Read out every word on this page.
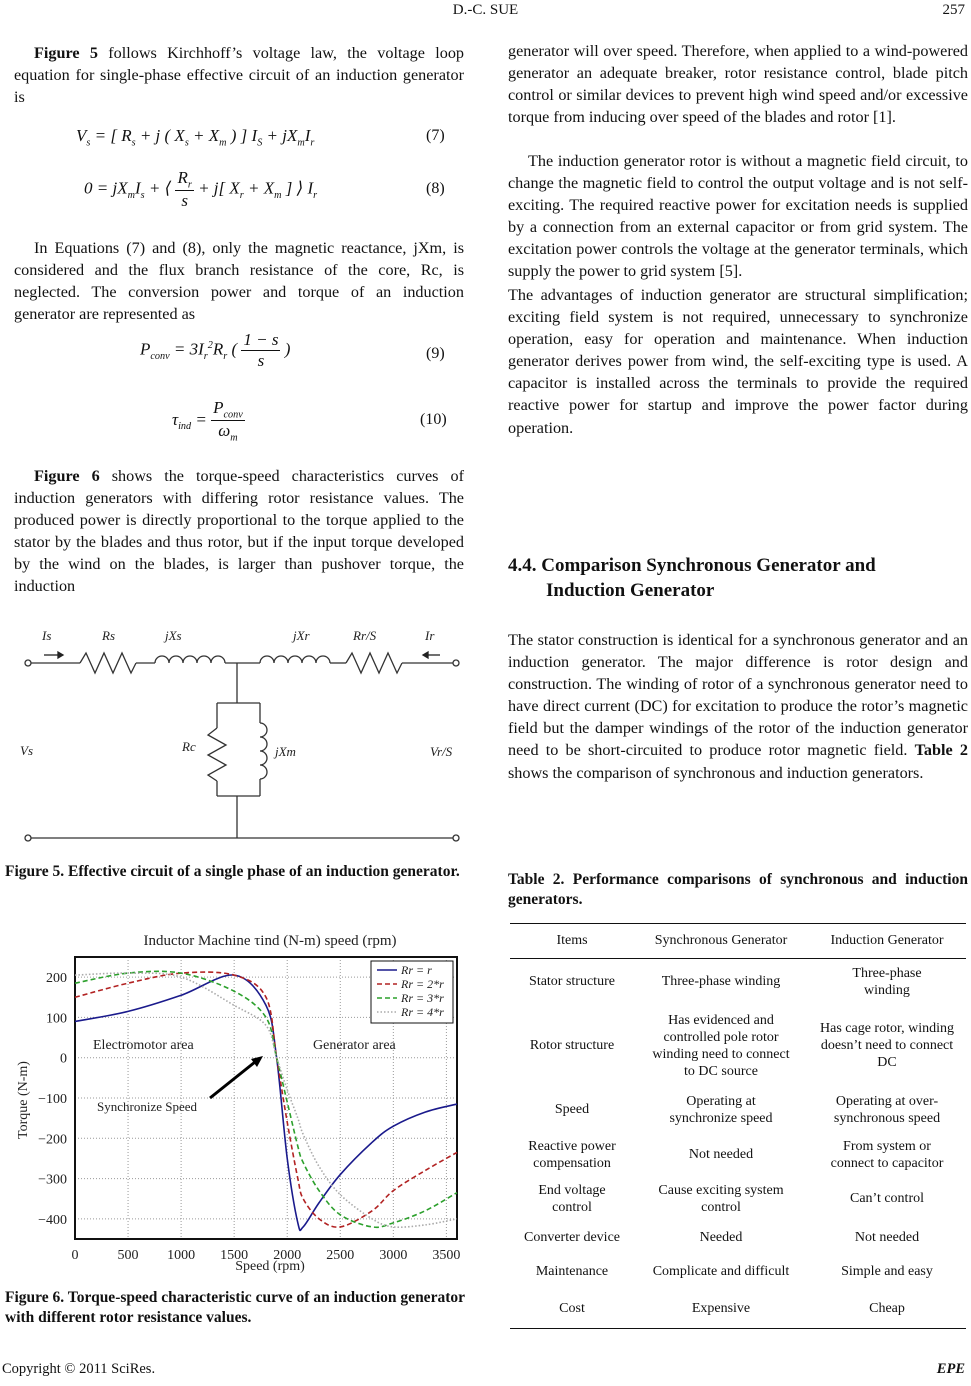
D.-C. SUE	257
Figure 5 follows Kirchhoff’s voltage law, the voltage loop equation for single-phase effective circuit of an induction generator is
$V_s$ = [ $R_s + j$ ( $X_s + X_m$ ) ] $I_S + jX_mI_r$	(7)
$0 = jX_mI_s$ + ⟨ $\frac{R_r}{s} + j$[ $X_r + X_m$ ] ⟩ $I_r$	(8)
In Equations (7) and (8), only the magnetic reactance, jXm, is considered and the flux branch resistance of the core, Rc, is neglected. The conversion power and torque of an induction generator are represented as
$P_{conv} = 3I_r^2R_r$ ( $\frac{1 - s}{s}$ )	(9)
$\tau_{ind} = \frac{P_{conv}}{\omega_m}$	(10)
Figure 6 shows the torque-speed characteristics curves of induction generators with differing rotor resistance values. The produced power is directly proportional to the torque applied to the stator by the blades and thus rotor, but if the input torque developed by the wind on the blades, is larger than pushover torque, the induction
Is	Rs	jXs	jXr	Rr/S	Ir
Vs	Rc	jXm	Vr/S
Figure 5. Effective circuit of a single phase of an induction generator.
Inductor Machine τind (N-m) speed (rpm)
0	500 1000 1500 2000 2500 3000 3500
200
100
0
−100
−200
−300
−400
Torque (N-m)
Speed (rpm)
Electromotor area	Generator area
Synchronize Speed
Rr = r
Rr = 2*r
Rr = 3*r
Rr = 4*r
Figure 6. Torque-speed characteristic curve of an induction generator with different rotor resistance values.
generator will over speed. Therefore, when applied to a wind-powered generator an adequate breaker, rotor resistance control, blade pitch control or similar devices to prevent high wind speed and/or excessive torque from inducing over speed of the blades and rotor [1].
The induction generator rotor is without a magnetic field circuit, to change the magnetic field to control the output voltage and is not self-exciting. The required reactive power for excitation needs is supplied by a connection from an external capacitor or from grid system. The excitation power controls the voltage at the generator terminals, which supply the power to grid system [5].
The advantages of induction generator are structural simplification; exciting field system is not required, unnecessary to synchronize operation, easy for operation and maintenance. When induction generator derives power from wind, the self-exciting type is used. A capacitor is installed across the terminals to provide the required reactive power for startup and improve the power factor during operation.
4.4. Comparison Synchronous Generator and
Induction Generator
The stator construction is identical for a synchronous generator and an induction generator. The major difference is rotor design and construction. The winding of rotor of a synchronous generator need to have direct current (DC) for excitation to produce the rotor’s magnetic field but the damper windings of the rotor of the induction generator need to be short-circuited to produce rotor magnetic field. Table 2 shows the comparison of synchronous and induction generators.
Table 2. Performance comparisons of synchronous and induction generators.
Items	Synchronous Generator	Induction Generator
Stator structure	Three-phase winding	Three-phase winding
Rotor structure	Has evidenced and controlled pole rotor winding need to connect to DC source	Has cage rotor, winding doesn’t need to connect DC
Speed	Operating at synchronize speed	Operating at over-synchronous speed
Reactive power compensation	Not needed	From system or connect to capacitor
End voltage control	Cause exciting system control	Can’t control
Converter device	Needed	Not needed
Maintenance	Complicate and difficult	Simple and easy
Cost	Expensive	Cheap
Copyright © 2011 SciRes.	EPE
